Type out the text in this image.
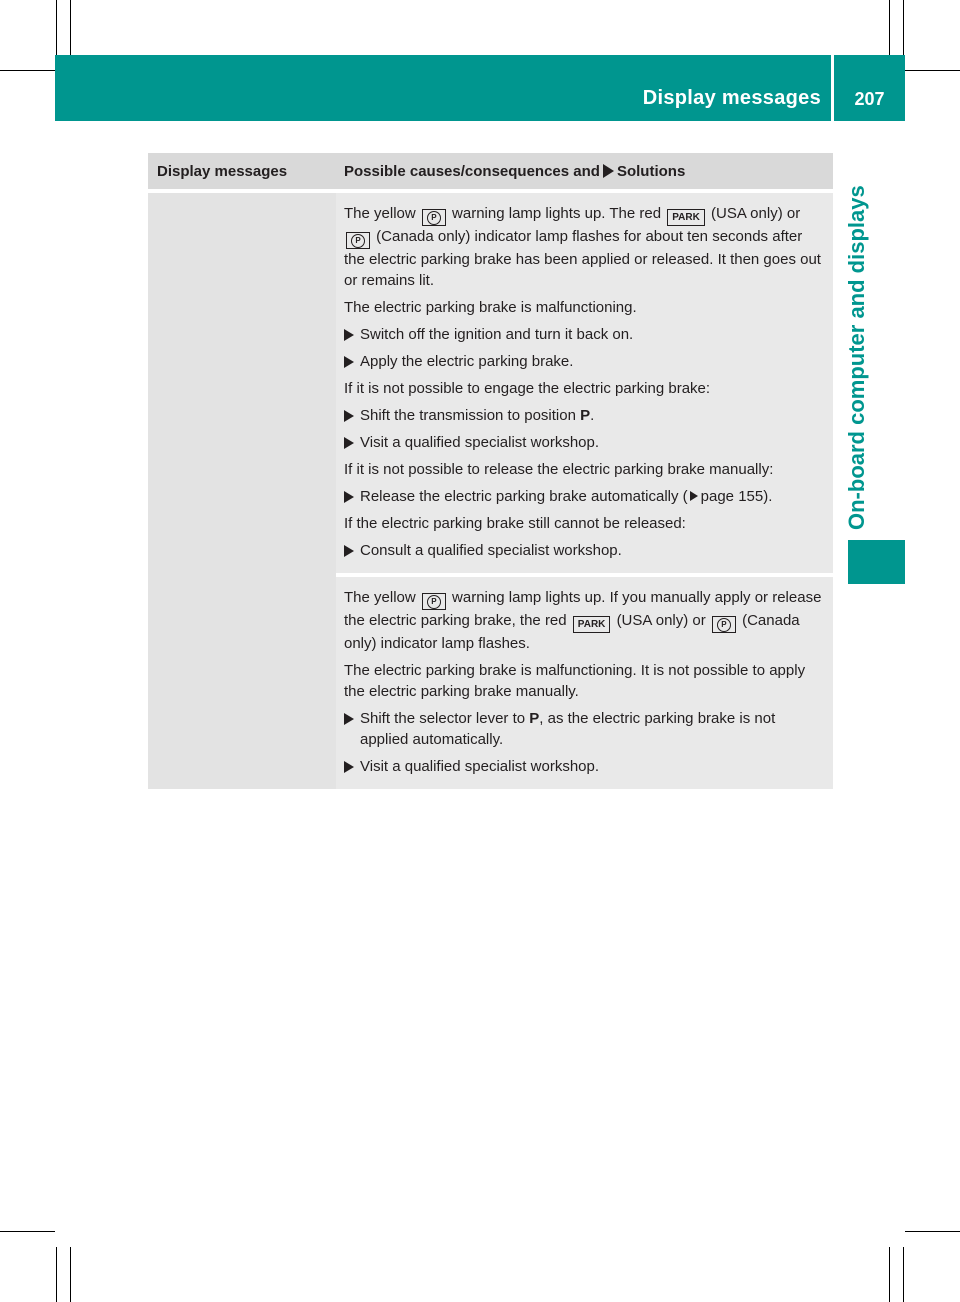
Display messages	207
On-board computer and displays
Display messages	Possible causes/consequences and Solutions
The yellow P warning lamp lights up. The red PARK (USA only) or P (Canada only) indicator lamp flashes for about ten seconds after the electric parking brake has been applied or released. It then goes out or remains lit.
The electric parking brake is malfunctioning.
Switch off the ignition and turn it back on.
Apply the electric parking brake.
If it is not possible to engage the electric parking brake:
Shift the transmission to position P.
Visit a qualified specialist workshop.
If it is not possible to release the electric parking brake manually:
Release the electric parking brake automatically ( page 155).
If the electric parking brake still cannot be released:
Consult a qualified specialist workshop.
The yellow P warning lamp lights up. If you manually apply or release the electric parking brake, the red PARK (USA only) or P (Canada only) indicator lamp flashes.
The electric parking brake is malfunctioning. It is not possible to apply the electric parking brake manually.
Shift the selector lever to P, as the electric parking brake is not applied automatically.
Visit a qualified specialist workshop.
